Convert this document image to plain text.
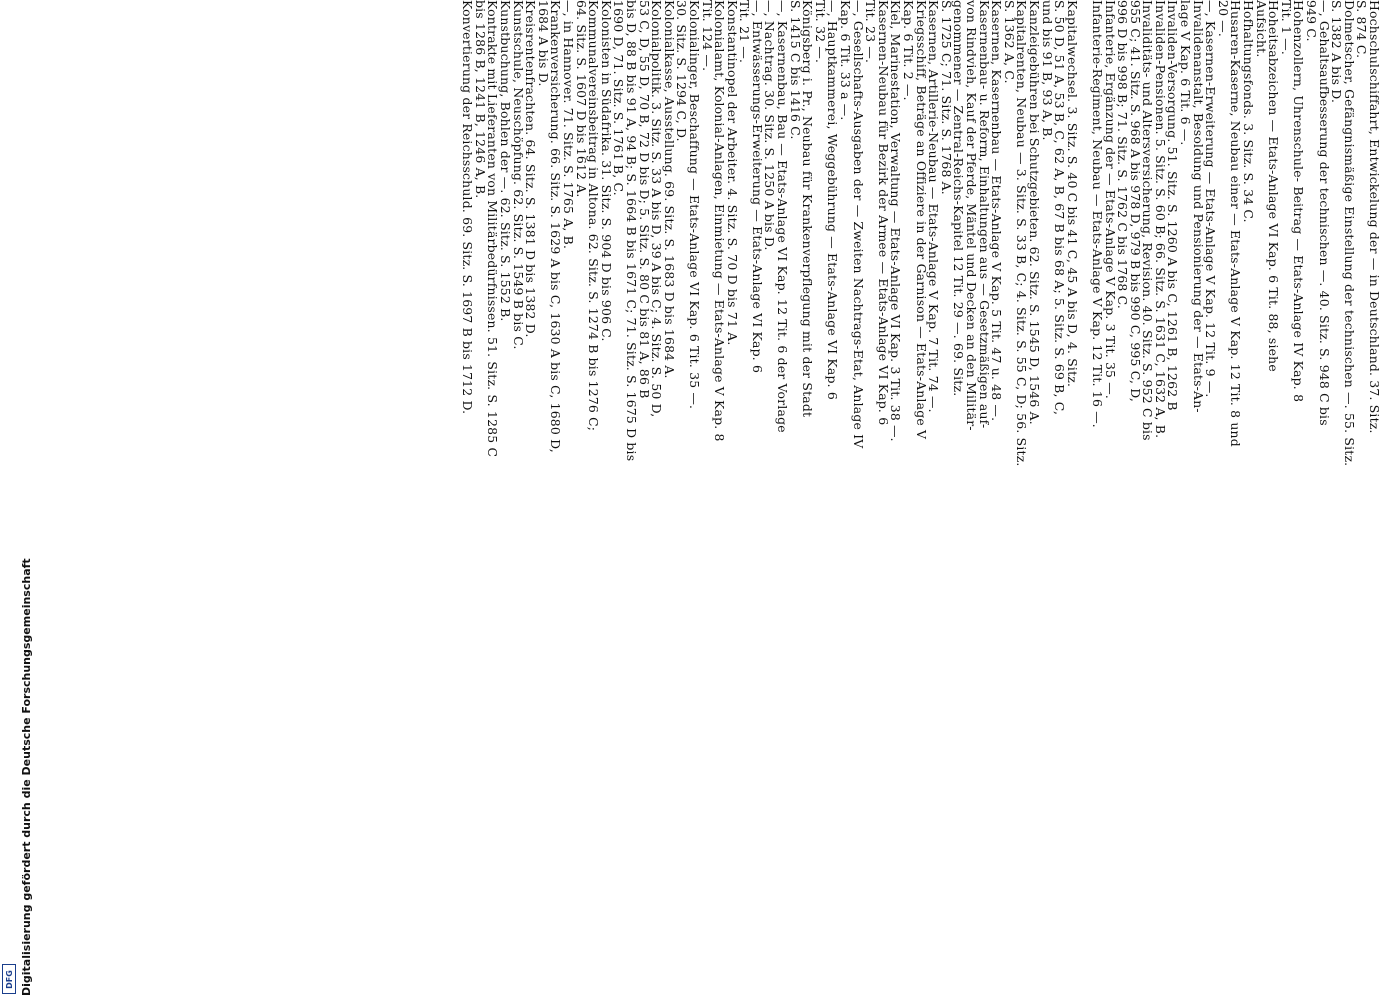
Hochschulschiffahrt, Entwickelung der — in Deutschland. 37. Sitz.
S. 874 C.
Dolmetscher, Gefängnismäßige Einstellung der technischen —. 55. Sitz.
S. 1382 A bis D.
—, Gehaltsaufbesserung der technischen —. 40. Sitz. S. 948 C bis
949 C.
Hohenzollern, Uhrenschule- Beitrag — Etats-Anlage IV Kap. 8
Tit. 1 —.
Hoheitsabzeichen — Etats-Anlage VI Kap. 6 Tit. 88, siehe
Aufsicht.
Hofhaltungsfonds. 3. Sitz. S. 34 C.
Husaren-Kaserne, Neubau einer — Etats-Anlage V Kap. 12 Tit. 8 und
20 —.
—, Kasernen-Erweiterung — Etats-Anlage V Kap. 12 Tit. 9 —.
Invalidenanstalt, Besoldung und Pensionierung der — Etats-An-
lage V Kap. 6 Tit. 6 —.
Invaliden-Versorgung. 51. Sitz. S. 1260 A bis C, 1261 B, 1262 B
Invaliden-Pensionen. 5. Sitz. S. 60 B; 66. Sitz. S. 1631 C, 1632 A, B.
Invaliditäts- und Altersversicherung, Revision. 40. Sitz. S. 952 C bis
955 C; 41. Sitz. S. 968 A bis 978 D, 979 B bis 990 C, 995 C, D,
996 D bis 998 B; 71. Sitz. S. 1762 C bis 1768 C.
Infanterie, Ergänzung der — Etats-Anlage V Kap. 3 Tit. 35 —.
Infanterie-Regiment, Neubau — Etats-Anlage V Kap. 12 Tit. 16 —.
Kapitalwechsel. 3. Sitz. S. 40 C bis 41 C, 45 A bis D, 4. Sitz.
S. 50 D, 51 A, 53 B, C, 62 A, B, 67 B bis 68 A; 5. Sitz. S. 69 B, C,
und bis 91 B, 93 A, B.
Kanzleigebühren bei Schutzgebieten. 62. Sitz. S. 1545 D, 1546 A.
Kapitalrenten, Neubau — 3. Sitz. S. 33 B, C; 4. Sitz. S. 55 C, D; 56. Sitz.
S. 1362 A, C.
Kasernen, Kasernenbau — Etats-Anlage V Kap. 5 Tit. 47 u. 48 —.
Kasernenbau- u. Reform, Einhaltungen aus — Gesetzmäßigen auf-
von Rindvieh, Kauf der Pferde, Mäntel und Decken an den Militär-
genommener — Zentral-Reichs-Kapitel 12 Tit. 29 —. 69. Sitz.
S. 1725 C; 71. Sitz. S. 1768 A.
Kasernen, Artillerie-Neubau — Etats-Anlage V Kap. 7 Tit. 74 —.
Kriegsschiff, Beträge an Offiziere in der Garnison — Etats-Anlage V
Kap. 6 Tit. 2 —.
Kiel, Marinestation, Verwaltung — Etats-Anlage VI Kap. 3 Tit. 38 —.
Kasernen-Neubau für Bezirk der Armee — Etats-Anlage VI Kap. 6
Tit. 23 —.
—, Gesellschafts-Ausgaben der — Zweiten Nachtrags-Etat, Anlage IV
Kap. 6 Tit. 33 a —.
—, Hauptkammerei, Weggebührung — Etats-Anlage VI Kap. 6
Tit. 32 —.
Königsberg i. Pr., Neubau für Krankenverpflegung mit der Stadt
S. 1415 C bis 1416 C.
—, Kasernenbau, Bau — Etats-Anlage VI Kap. 12 Tit. 6 der Vorlage
—, Nachtrag. 30. Sitz. S. 1250 A bis D.
—, Entwässerungs-Erweiterung — Etats-Anlage VI Kap. 6
Tit. 21 —.
Konstantinopel der Arbeiter. 4. Sitz. S. 70 D bis 71 A.
Kolonialamt, Kolonial-Anlagen, Einmietung — Etats-Anlage V Kap. 8
Tit. 124 —.
Kolonialinger, Beschaffung — Etats-Anlage VI Kap. 6 Tit. 35 —.
30. Sitz. S. 1294 C, D.
Kolonialkasse, Ausstellung. 69. Sitz. S. 1683 D bis 1684 A.
Kolonialpolitik. 3. Sitz. S. 33 A bis D, 39 A bis C; 4. Sitz. S. 50 D,
53 C, D, 55 D, 70 B, 72 D bis D; 5. Sitz. S. 80 C bis 81 A, 86 B
bis D, 88 B bis 91 A, 94 B; S. 1664 B bis 1671 C; 71. Sitz. S. 1675 D bis
1690 D, 71. Sitz. S. 1761 B, C.
Kolonisten in Südafrika. 31. Sitz. S. 904 D bis 906 C.
Kommunalvereinsbeitrag in Altona. 62. Sitz. S. 1274 B bis 1276 C;
64. Sitz. S. 1607 D bis 1612 A.
—, in Hannover. 71. Sitz. S. 1765 A, B.
Krankenversicherung. 66. Sitz. S. 1629 A bis C, 1630 A bis C, 1680 D,
1684 A bis D.
Kreisrentenfrachten. 64. Sitz. S. 1381 D bis 1382 D.
Kunstschule, Neuschöpfung. 62. Sitz. S. 1549 B bis C.
Kunstbuchung, Bohlen der —. 62. Sitz. S. 1552 B.
Kontrakte mit Lieferanten von Militärbedürfnissen. 51. Sitz. S. 1285 C
bis 1286 B, 1241 B, 1246 A, B.
Konvertierung der Reichsschuld. 69. Sitz. S. 1697 B bis 1712 D.
Digitalisierung gefördert durch die Deutsche Forschungsgemeinschaft
DFG
